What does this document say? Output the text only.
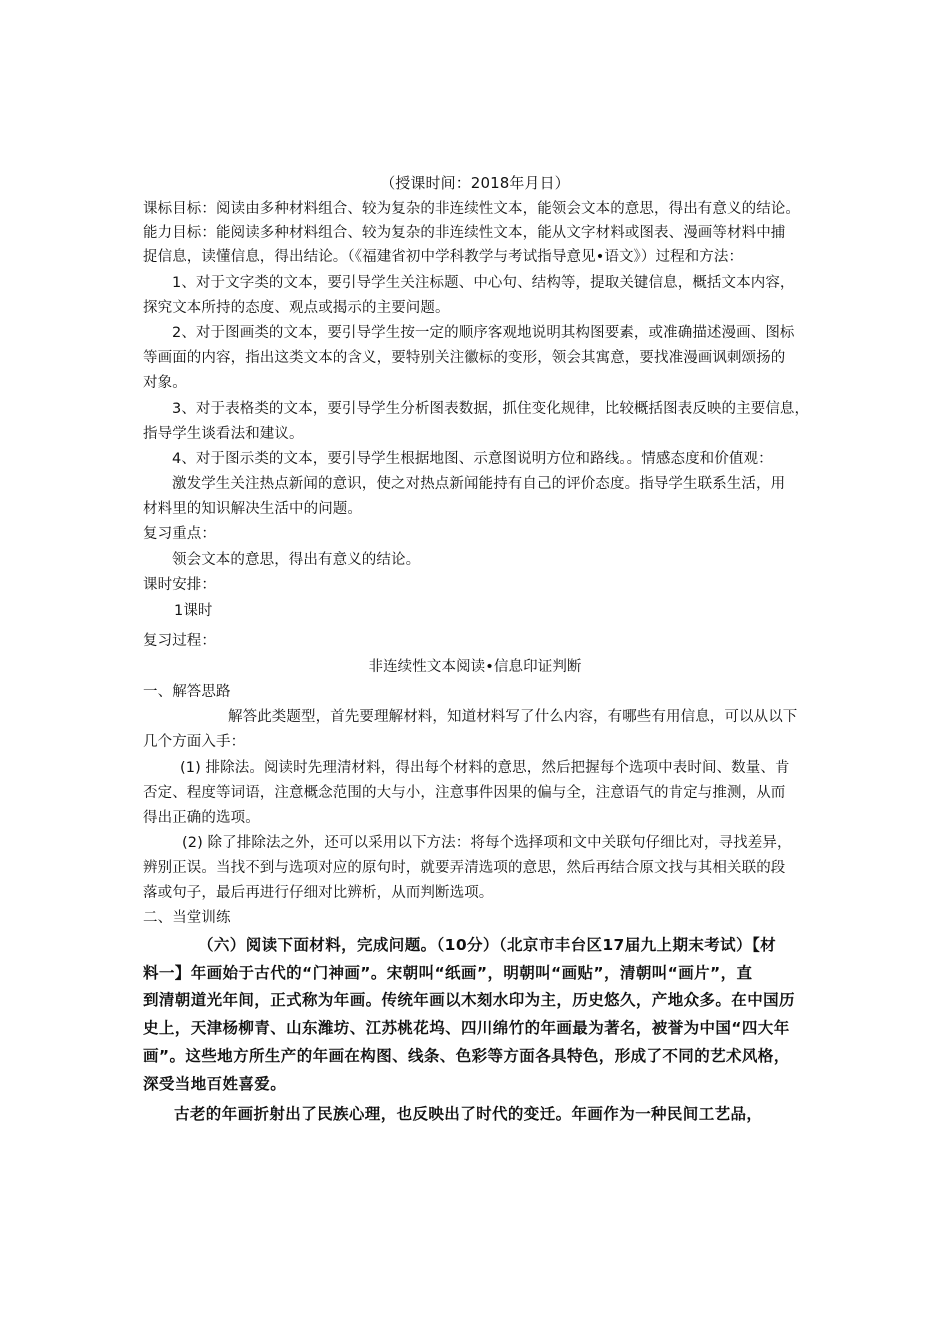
（授课时间：2018年月日）
课标目标：阅读由多种材料组合、较为复杂的非连续性文本，能领会文本的意思，得出有意义的结论。
能力目标：能阅读多种材料组合、较为复杂的非连续性文本，能从文字材料或图表、漫画等材料中捕
捉信息，读懂信息，得出结论。（《福建省初中学科教学与考试指导意见•语文》）过程和方法：
1、对于文字类的文本，要引导学生关注标题、中心句、结构等，提取关键信息，概括文本内容，
探究文本所持的态度、观点或揭示的主要问题。
2、对于图画类的文本，要引导学生按一定的顺序客观地说明其构图要素，或准确描述漫画、图标
等画面的内容，指出这类文本的含义，要特别关注徽标的变形，领会其寓意，要找准漫画讽刺颂扬的
对象。
3、对于表格类的文本，要引导学生分析图表数据，抓住变化规律，比较概括图表反映的主要信息，
指导学生谈看法和建议。
4、对于图示类的文本，要引导学生根据地图、示意图说明方位和路线。。情感态度和价值观：
激发学生关注热点新闻的意识，使之对热点新闻能持有自己的评价态度。指导学生联系生活，用
材料里的知识解决生活中的问题。
复习重点：
领会文本的意思，得出有意义的结论。
课时安排：
1课时
复习过程：
非连续性文本阅读•信息印证判断
一、解答思路
解答此类题型，首先要理解材料，知道材料写了什么内容，有哪些有用信息，可以从以下
几个方面入手：
(1) 排除法。阅读时先理清材料，得出每个材料的意思，然后把握每个选项中表时间、数量、肯
否定、程度等词语，注意概念范围的大与小，注意事件因果的偏与全，注意语气的肯定与推测，从而
得出正确的选项。
(2) 除了排除法之外，还可以采用以下方法：将每个选择项和文中关联句仔细比对，寻找差异，
辨别正误。当找不到与选项对应的原句时，就要弄清选项的意思，然后再结合原文找与其相关联的段
落或句子，最后再进行仔细对比辨析，从而判断选项。
二、当堂训练
（六）阅读下面材料，完成问题。（10分）（北京市丰台区17届九上期末考试）【材
料一】年画始于古代的“门神画”。宋朝叫“纸画”，明朝叫“画贴”，清朝叫“画片”，直
到清朝道光年间，正式称为年画。传统年画以木刻水印为主，历史悠久，产地众多。在中国历
史上，天津杨柳青、山东潍坊、江苏桃花坞、四川绵竹的年画最为著名，被誉为中国“四大年
画”。这些地方所生产的年画在构图、线条、色彩等方面各具特色，形成了不同的艺术风格，
深受当地百姓喜爱。
古老的年画折射出了民族心理，也反映出了时代的变迁。年画作为一种民间工艺品，
